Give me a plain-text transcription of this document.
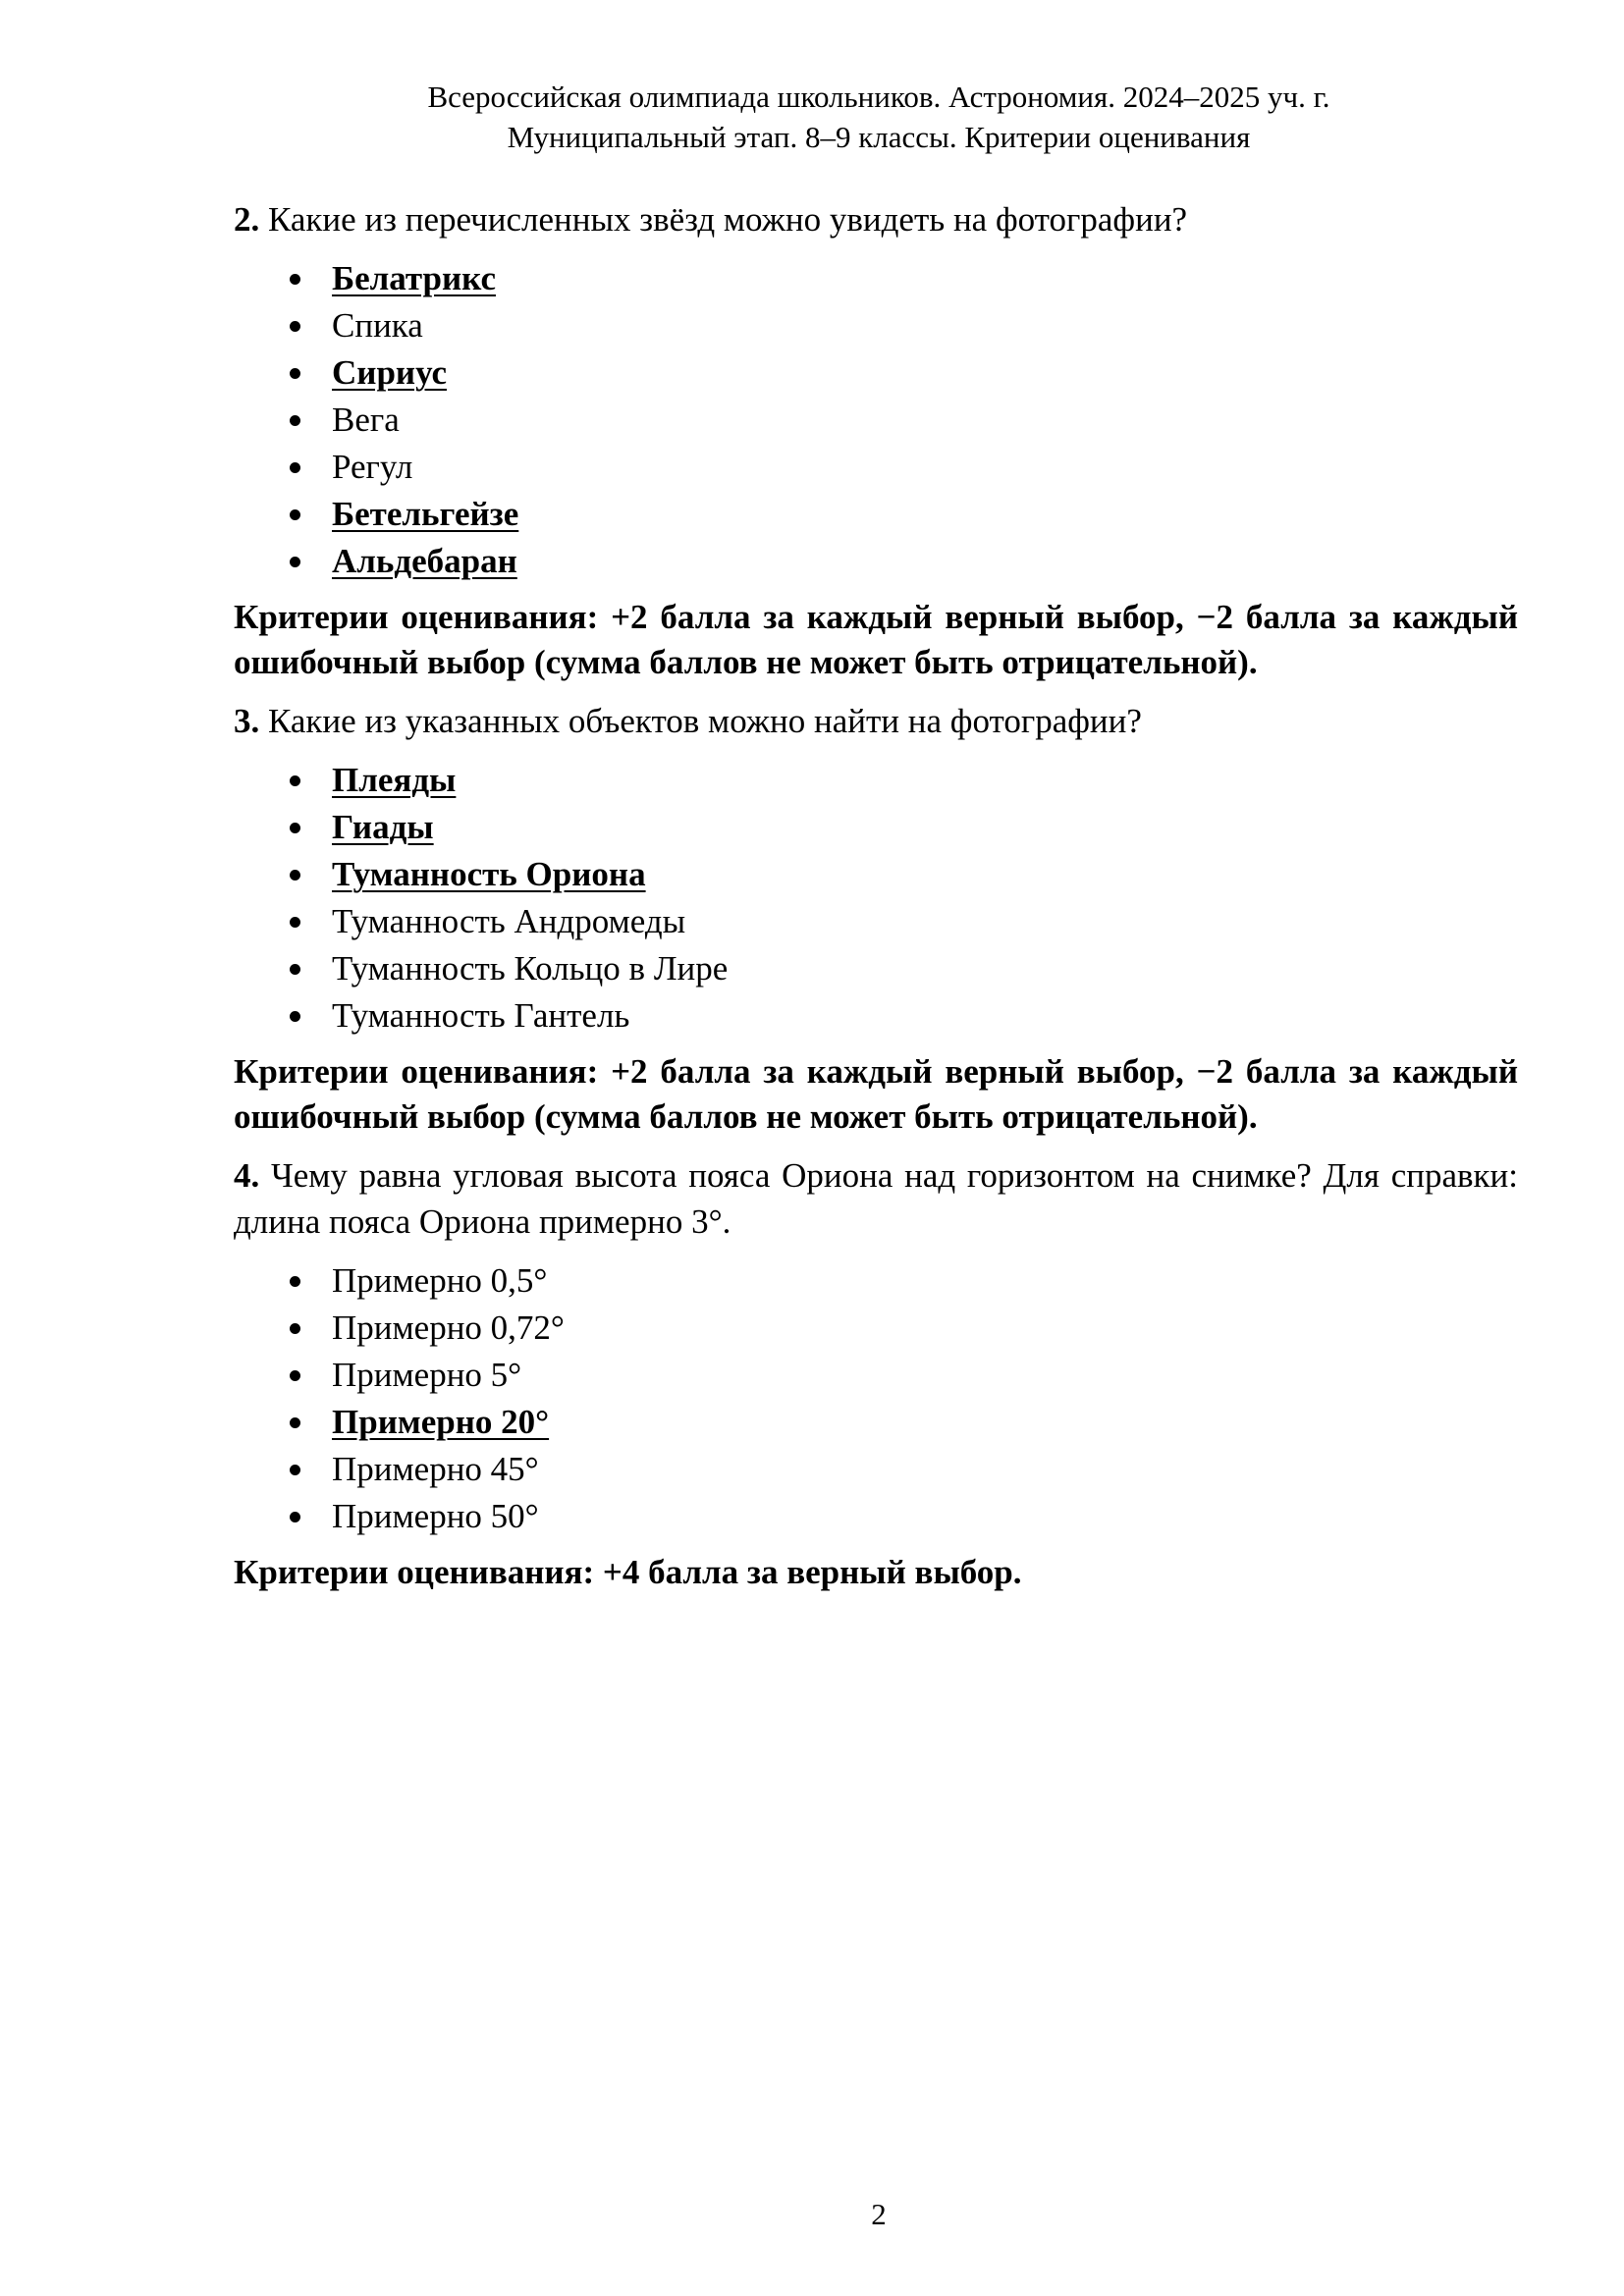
Всероссийская олимпиада школьников. Астрономия. 2024–2025 уч. г.
Муниципальный этап. 8–9 классы. Критерии оценивания

2. Какие из перечисленных звёзд можно увидеть на фотографии?

Белатрикс
Спика
Сириус
Вега
Регул
Бетельгейзе
Альдебаран

Критерии оценивания: +2 балла за каждый верный выбор, −2 балла за каждый ошибочный выбор (сумма баллов не может быть отрицательной).

3. Какие из указанных объектов можно найти на фотографии?

Плеяды
Гиады
Туманность Ориона
Туманность Андромеды
Туманность Кольцо в Лире
Туманность Гантель

Критерии оценивания: +2 балла за каждый верный выбор, −2 балла за каждый ошибочный выбор (сумма баллов не может быть отрицательной).

4. Чему равна угловая высота пояса Ориона над горизонтом на снимке? Для справки: длина пояса Ориона примерно 3°.

Примерно 0,5°
Примерно 0,72°
Примерно 5°
Примерно 20°
Примерно 45°
Примерно 50°

Критерии оценивания: +4 балла за верный выбор.

2
